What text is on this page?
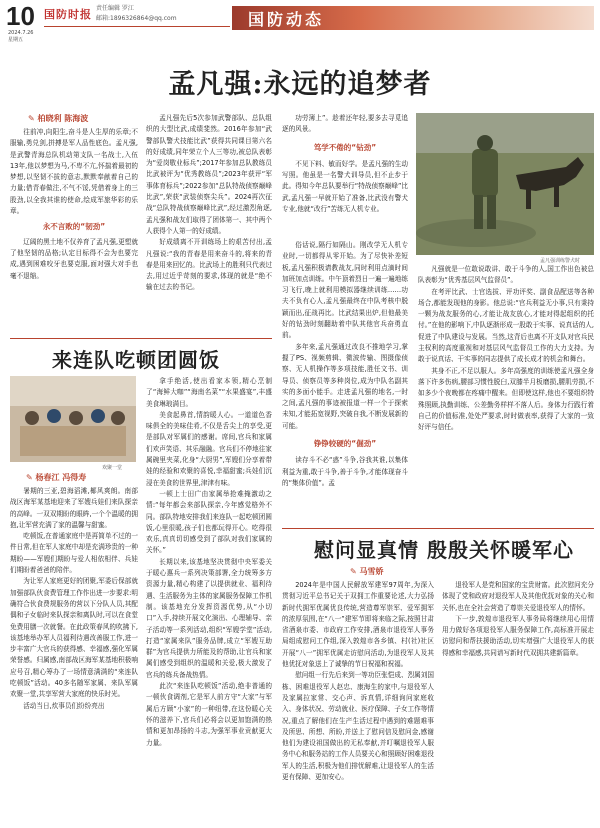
10
2024.7.26 星期五
国防时报 责任编辑 罗江
邮箱:1896326864@qq.com	国防动态
孟凡强:永远的追梦者
✎ 柏晓利 陈海波

往前冲,向阳生,奋斗是人生厚的乐章;不服输,勇兑剑,拼搏是军人品性底色。孟凡强,是武警青海总队机动第支队一名战士,入伍13年,他以梦想为马,不卑不亢,怀揣着最初的梦想,以坚韧不拔的意志,默默奉献着自己的力量;借青春做注,不气不馁,凭借着身上的三股劲,以全我其谁的使命,绘成军旅华彩的乐章。

永不言败的“韧劲”

辽阔的黑土地不仅养育了孟凡强,更塑就了他坚韧的品格;认定目标得不会为也要完成,遇到困难咬牙也要克服,面对强大对手也毫不退缩。

孟凡强先后5次参加武警部队、总队组织的大型比武,成绩斐然。2016年参加“武警部队警犬技能比武”获得共同课目第六名的好成绩,同年荣立个人三等功,被总队表彰为“爱岗敬业标兵”;2017年参加总队教练员比武被评为“优秀教练员”;2023年获评“军事体育标兵”;2022参加“总队特战侦察巅峰比武”,荣获“武装侦察尖兵”。2024再次征战“总队特战侦察巅峰比武”,经过激烈角逐,孟凡强和战友们取得了团体第一、其中两个人获得个人第一的好成绩。

好成绩离不开训练场上的艰苦付出,孟凡强说:“我的青春是用来奋斗的,将来的青春是用来回忆的。比武场上的胜利只代表过去,用过近乎苛刻的要求,体现的就是“绝不输在过去的书记。

功劳簿上”。趁着还年轻,要多去寻觅追逐的风景。

笃学不倦的“钻劲”

不见下料、敏而好学。是孟凡强的生动写照。他虽是一名警犬训导员,但不止步于此。得知今年总队要举行“特战侦察巅峰”比武,孟凡强一早就开始了准备,比武没有警犬专业,他就“改行”苦练无人机专业。

孟凡强训练警犬时

俗话说,隔行如隔山。刚改学无人机专业时,一切都得从零开始。为了尽快补差短板,孟凡强积极请教战友,同时利用点滴时间加班加点训练。中午顶着烈日一遍一遍地练习飞行,晚上就利用模拟器继续训练……功夫不负有心人,孟凡强最终在中队考核中脱颖而出,征战再比。比武结果出炉,但他最美好的钻劲时刻翻助着中队其他官兵奋勇直前。

多年来,孟凡强通过改良不推地学习,掌握了PS、视频剪辑、微波传输、图摄像侦察、无人机操作等多项技能,胜任文书、训导员、侦察员等多种岗位,成为中队名副其实的多面小能手。走进孟凡强的地名,一时之间,孟凡强的事迹被报道一样一个于探索未知,才能拓宽视野,突破自我,不断发展新的可能。

铮铮较硬的“倔劲”

读存斗不必“惑”斗争,谷我其谁,以集体利益为重,敢于斗争,善于斗争,才能体现奋斗的“集体价值”。孟

凡强就是一位敢说敢讲、敢于斗争的人,国工作出色被总队表彰为“优秀基层风气监督员”。

在考评比武、士官选拔、评功评奖、副食品配送等各种场合,都能发现他的身影。他总说:“官兵利益无小事,只有秉持一颗为战友服务的心,才能让战友放心,才能对得起组织的托付。”在他的影响下,中队逐渐形成一股敢于实事、说真话的人,促进了中队建设与发展。当然,这背后也离不开支队对官兵民主权利的高度重视和对基层风气监督员工作的大力支持。为敢于说真话、干实事的同志提供了成长成才的机会和舞台。

其身不正,不足以服人。多年高强度的训练使孟凡强全身落下许多伤病,腰部习惯性脱臼,双膝半月板磨损,腰肌劳损,不如多少个夜晚都在疼痛中醒来。但即使这样,他也不要组织特殊照顾,执勤训练、公差勤务样样不落人后。身体力行践行着自己的价值标准,处处严要求,时时做表率,获得了大家的一致好评与信任。

来连队吃顿团圆饭
欢聚一堂
✎ 杨春江 冯得寿

暑期的三亚,碧海滔滩,椰风爽朗。南部战区海军某基地迎来了军嫂兵娃们来队探亲的高峰。一双双期盼的眼眸,一个个温暖的拥抱,让军营充满了家的温馨与甜蜜。

吃顿饭,在普通家庭中是再简单不过的一件日常,但在军人家庭中却是充满珍贵的一种期盼——军嫂们期盼与爱人相依相伴、兵娃们期盼着爸爸的陪伴。

为让军人家庭更好的团聚,军委后保部就加强部队伙食费管理工作作出进一步要求:明确符合伙食费规服务的营以下分队人员,其配偶和子女临时来队探亲和离队时,可以在食堂免费用膳一次就餐。在此政策春风的吹拂下,该基地举办军人员福利待遇改善服工作,进一步丰富广大官兵的获得感、幸福感,强化军属荣誉感。归属感,南部战区海军某基地积极响应号召,精心筹办了一场情意满满的“来连队吃顿饭”活动。40多名随军家属、来队军属欢聚一堂,共享军营大家庭的快乐时光。

活动当日,炊事员们纷纷亮出

拿手绝活,使出看家本领,精心烹制了“海鲜大咖”“海南名菜”“水果盛宴”,丰盛美食琳琅满目。

美食起鼻首,情韵暖人心。一道道色香味俱全的美味佳肴,不仅是舌尖上的享受,更是部队对军属们的感谢。席间,官兵和家属们欢声笑语、其乐融融。官兵们不停地往家属碗里夹菜,化身“大厨男”,军嫂们分享着带娃的经验和欢聚的喜悦,幸福甜蜜;兵娃们沉浸在美食的世界里,津津有味。

一顿上士田广由家属举抢难掩激动之情:“每年都会来部队探亲,今年感觉格外不同。部队特地安排我们来连队一起吃顿团圆饭,心里很暖,孩子们也都玩得开心。吃得很欢乐,真真切切感受到了部队对我们家属的关怀。”

长期以来,该基地坚决贯彻中央军委关于暖心惠兵一系列决策部署,全力统筹多方资源力量,精心构建了以提供就业、福利待遇、生活服务为主体的家属服务保障工作机制。该基地充分发挥资源优势,从“小切口”入手,持续开展文化演出、心理辅导、亲子活动等一系列活动,组织“军嫂学堂”活动,打造“家属来队”服务品牌,成立“军嫂互助群”为官兵提供力所能及的帮助,让官兵和家属们感受到组织的温暖和关爱,极大激发了官兵的练兵备战热情。

此次“来连队吃顿饭”活动,绝非普通的一顿伙食调剂,它是军人前方守“大家”与军属后方顾“小家”的一种纽带,在这份暖心关怀的滋养下,官兵们必将会以更加饱满的热情和更加昂扬的斗志,为强军事业贡献更大力量。

慰问显真情 殷殷关怀暖军心
✎ 马雪娇

2024年是中国人民解放军建军97周年,为深入贯彻习近平总书记关于双拥工作重要论述,大力弘扬新时代拥军优属优良传统,营造尊军崇军、爱军拥军的浓厚氛围,在“八一”建军节即将来临之际,按照甘肃省酒泉市委、市政府工作安排,酒泉市退役军人事务局组成慰问工作组,深入敦煌市各乡镇、村(社)社区开展“八一”拥军优属走访慰问活动,为退役军人及其他优抚对象送上了诚挚的节日祝福和祝福。

慰问组一行先后来到一等功臣张恺成、烈属刘国栋、困难退役军人赵忠、康海生的家中,与退役军人及家属拉家常、交心声、诉真情,详细询问家庭收入、身体状况、劳动就业、医疗保障、子女工作等情况,重点了解他们在生产生活过程中遇到的难题难事及所思、所想、所盼,并送上了慰问信及慰问金,感谢他们为建设祖国做出的无私奉献,并叮嘱退役军人服务中心和服务站的工作人员要关心和照顾好困难退役军人的生活,积极为他们排忧解难,让退役军人的生活更有保障、更加安心。

退役军人是党和国家的宝贵财富。此次慰问充分体现了党和政府对退役军人及其他优抚对象的关心和关怀,也在全社会营造了尊崇关爱退役军人的情怀。

下一步,敦煌市退役军人事务局将继续用心用情用力做好各项退役军人服务保障工作,高标准开展走访慰问和帮扶援助活动,切实增强广大退役军人的获得感和幸福感,共同谱写新时代双拥共建新篇章。
